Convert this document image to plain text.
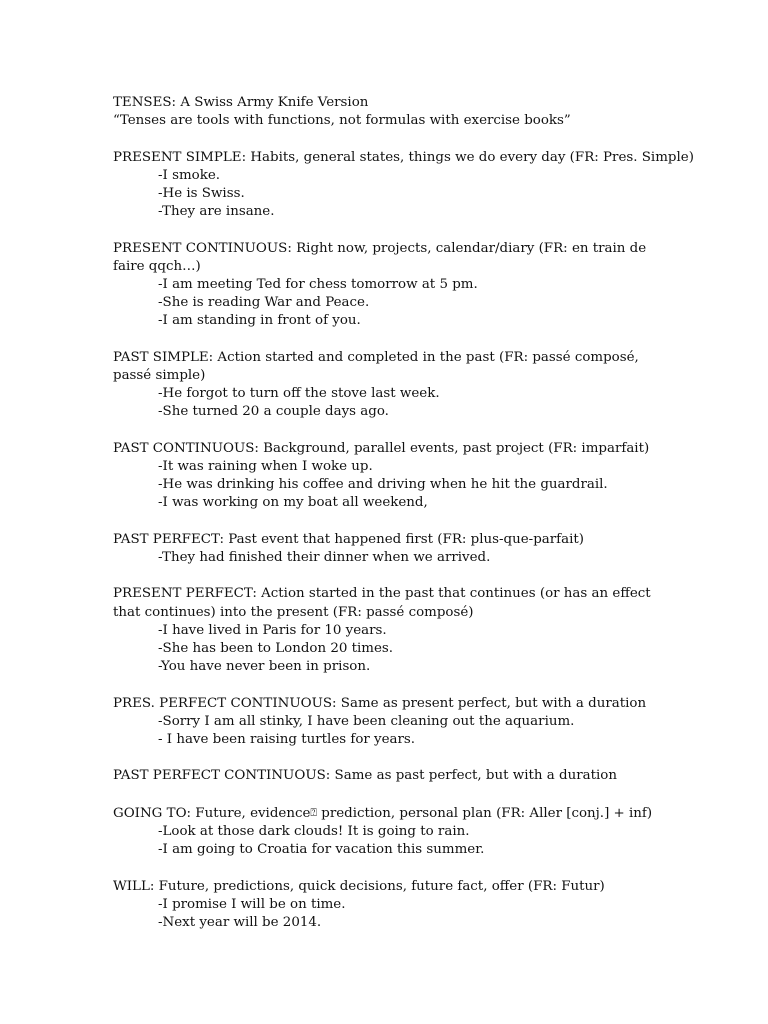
TENSES: A Swiss Army Knife Version
“Tenses are tools with functions, not formulas with exercise books”
PRESENT SIMPLE: Habits, general states, things we do every day (FR: Pres. Simple)
-I smoke.
-He is Swiss.
-They are insane.
PRESENT CONTINUOUS: Right now, projects, calendar/diary (FR: en train de faire qqch…)
-I am meeting Ted for chess tomorrow at 5 pm.
-She is reading War and Peace.
-I am standing in front of you.
PAST SIMPLE: Action started and completed in the past (FR: passé composé, passé simple)
-He forgot to turn off the stove last week.
-She turned 20 a couple days ago.
PAST CONTINUOUS: Background, parallel events, past project (FR: imparfait)
-It was raining when I woke up.
-He was drinking his coffee and driving when he hit the guardrail.
-I was working on my boat all weekend,
PAST PERFECT: Past event that happened first (FR: plus-que-parfait)
-They had finished their dinner when we arrived.
PRESENT PERFECT: Action started in the past that continues (or has an effect that continues) into the present (FR: passé composé)
-I have lived in Paris for 10 years.
-She has been to London 20 times.
-You have never been in prison.
PRES. PERFECT CONTINUOUS: Same as present perfect, but with a duration
-Sorry I am all stinky, I have been cleaning out the aquarium.
- I have been raising turtles for years.
PAST PERFECT CONTINUOUS: Same as past perfect, but with a duration
GOING TO: Future, evidence⍰ prediction, personal plan (FR: Aller [conj.] + inf)
-Look at those dark clouds! It is going to rain.
-I am going to Croatia for vacation this summer.
WILL: Future, predictions, quick decisions, future fact, offer (FR: Futur)
-I promise I will be on time.
-Next year will be 2014.
